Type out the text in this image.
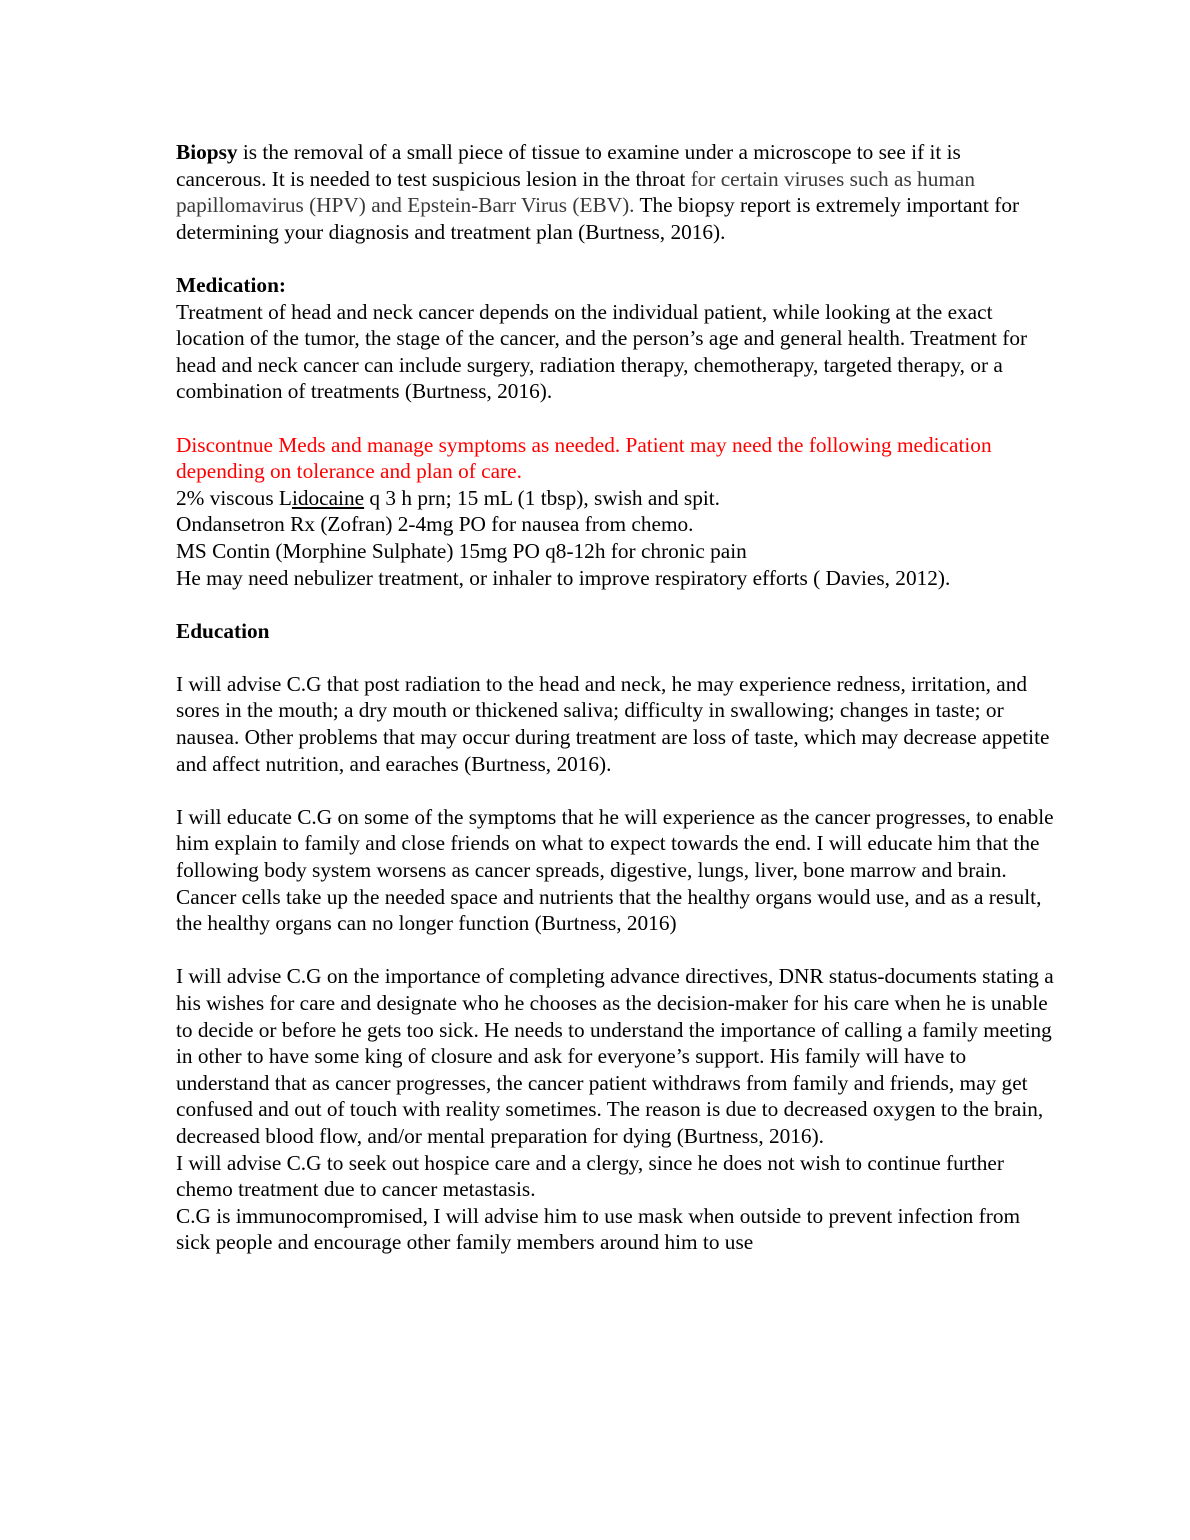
Biopsy is the removal of a small piece of tissue to examine under a microscope to see if it is cancerous. It is needed to test suspicious lesion in the throat for certain viruses such as human papillomavirus (HPV) and Epstein-Barr Virus (EBV). The biopsy report is extremely important for determining your diagnosis and treatment plan (Burtness, 2016).

Medication:

Treatment of head and neck cancer depends on the individual patient, while looking at the exact location of the tumor, the stage of the cancer, and the person’s age and general health. Treatment for head and neck cancer can include surgery, radiation therapy, chemotherapy, targeted therapy, or a combination of treatments (Burtness, 2016).

Discontnue Meds and manage symptoms as needed. Patient may need the following medication depending on tolerance and plan of care.

2% viscous Lidocaine q 3 h prn; 15 mL (1 tbsp), swish and spit.

Ondansetron Rx (Zofran) 2-4mg PO for nausea from chemo.

MS Contin (Morphine Sulphate) 15mg PO q8-12h for chronic pain

He may need nebulizer treatment, or inhaler to improve respiratory efforts ( Davies, 2012).

Education

I will advise C.G that post radiation to the head and neck, he may experience redness, irritation, and sores in the mouth; a dry mouth or thickened saliva; difficulty in swallowing; changes in taste; or nausea. Other problems that may occur during treatment are loss of taste, which may decrease appetite and affect nutrition, and earaches (Burtness, 2016).

I will educate C.G on some of the symptoms that he will experience as the cancer progresses, to enable him explain to family and close friends on what to expect towards the end. I will educate him that the following body system worsens as cancer spreads, digestive, lungs, liver, bone marrow and brain. Cancer cells take up the needed space and nutrients that the healthy organs would use, and as a result, the healthy organs can no longer function (Burtness, 2016)

I will advise C.G on the importance of completing advance directives, DNR status-documents stating a his wishes for care and designate who he chooses as the decision-maker for his care when he is unable to decide or before he gets too sick. He needs to understand the importance of calling a family meeting in other to have some king of closure and ask for everyone’s support. His family will have to understand that as cancer progresses, the cancer patient withdraws from family and friends, may get confused and out of touch with reality sometimes. The reason is due to decreased oxygen to the brain, decreased blood flow, and/or mental preparation for dying (Burtness, 2016).

I will advise C.G to seek out hospice care and a clergy, since he does not wish to continue further chemo treatment due to cancer metastasis.

C.G is immunocompromised, I will advise him to use mask when outside to prevent infection from sick people and encourage other family members around him to use
